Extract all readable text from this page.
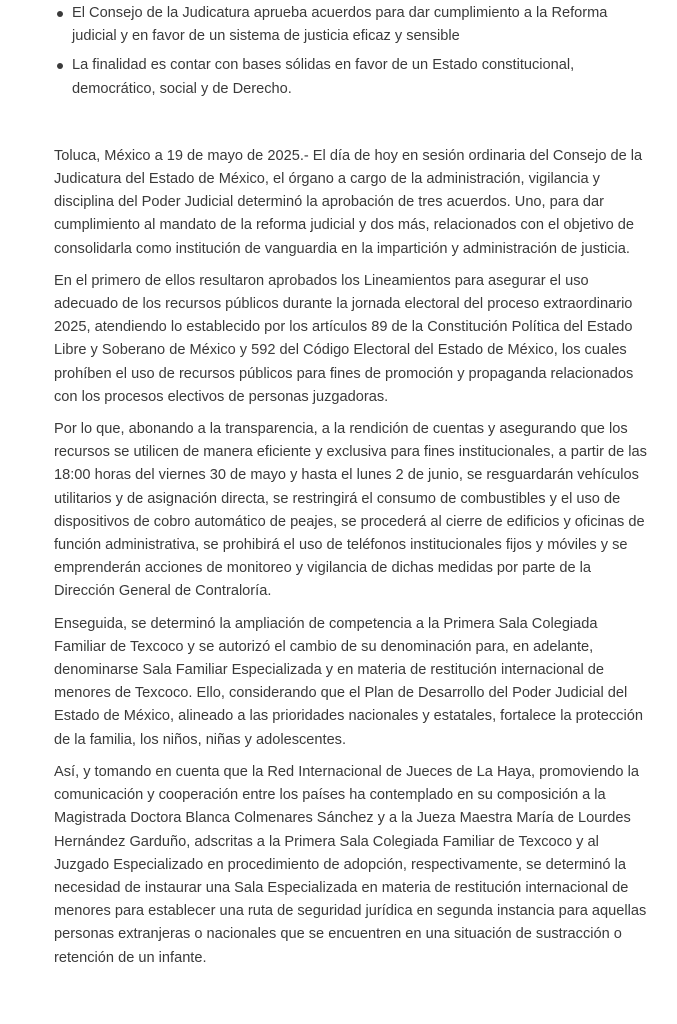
El Consejo de la Judicatura aprueba acuerdos para dar cumplimiento a la Reforma judicial y en favor de un sistema de justicia eficaz y sensible
La finalidad es contar con bases sólidas en favor de un Estado constitucional, democrático, social y de Derecho.

Toluca, México a 19 de mayo de 2025.- El día de hoy en sesión ordinaria del Consejo de la Judicatura del Estado de México, el órgano a cargo de la administración, vigilancia y disciplina del Poder Judicial determinó la aprobación de tres acuerdos. Uno, para dar cumplimiento al mandato de la reforma judicial y dos más, relacionados con el objetivo de consolidarla como institución de vanguardia en la impartición y administración de justicia.

En el primero de ellos resultaron aprobados los Lineamientos para asegurar el uso adecuado de los recursos públicos durante la jornada electoral del proceso extraordinario 2025, atendiendo lo establecido por los artículos 89 de la Constitución Política del Estado Libre y Soberano de México y 592 del Código Electoral del Estado de México, los cuales prohíben el uso de recursos públicos para fines de promoción y propaganda relacionados con los procesos electivos de personas juzgadoras.

Por lo que, abonando a la transparencia, a la rendición de cuentas y asegurando que los recursos se utilicen de manera eficiente y exclusiva para fines institucionales, a partir de las 18:00 horas del viernes 30 de mayo y hasta el lunes 2 de junio, se resguardarán vehículos utilitarios y de asignación directa, se restringirá el consumo de combustibles y el uso de dispositivos de cobro automático de peajes, se procederá al cierre de edificios y oficinas de función administrativa, se prohibirá el uso de teléfonos institucionales fijos y móviles y se emprenderán acciones de monitoreo y vigilancia de dichas medidas por parte de la Dirección General de Contraloría.

Enseguida, se determinó la ampliación de competencia a la Primera Sala Colegiada Familiar de Texcoco y se autorizó el cambio de su denominación para, en adelante, denominarse Sala Familiar Especializada y en materia de restitución internacional de menores de Texcoco. Ello, considerando que el Plan de Desarrollo del Poder Judicial del Estado de México, alineado a las prioridades nacionales y estatales, fortalece la protección de la familia, los niños, niñas y adolescentes.

Así, y tomando en cuenta que la Red Internacional de Jueces de La Haya, promoviendo la comunicación y cooperación entre los países ha contemplado en su composición a la Magistrada Doctora Blanca Colmenares Sánchez y a la Jueza Maestra María de Lourdes Hernández Garduño, adscritas a la Primera Sala Colegiada Familiar de Texcoco y al Juzgado Especializado en procedimiento de adopción, respectivamente, se determinó la necesidad de instaurar una Sala Especializada en materia de restitución internacional de menores para establecer una ruta de seguridad jurídica en segunda instancia para aquellas personas extranjeras o nacionales que se encuentren en una situación de sustracción o retención de un infante.
